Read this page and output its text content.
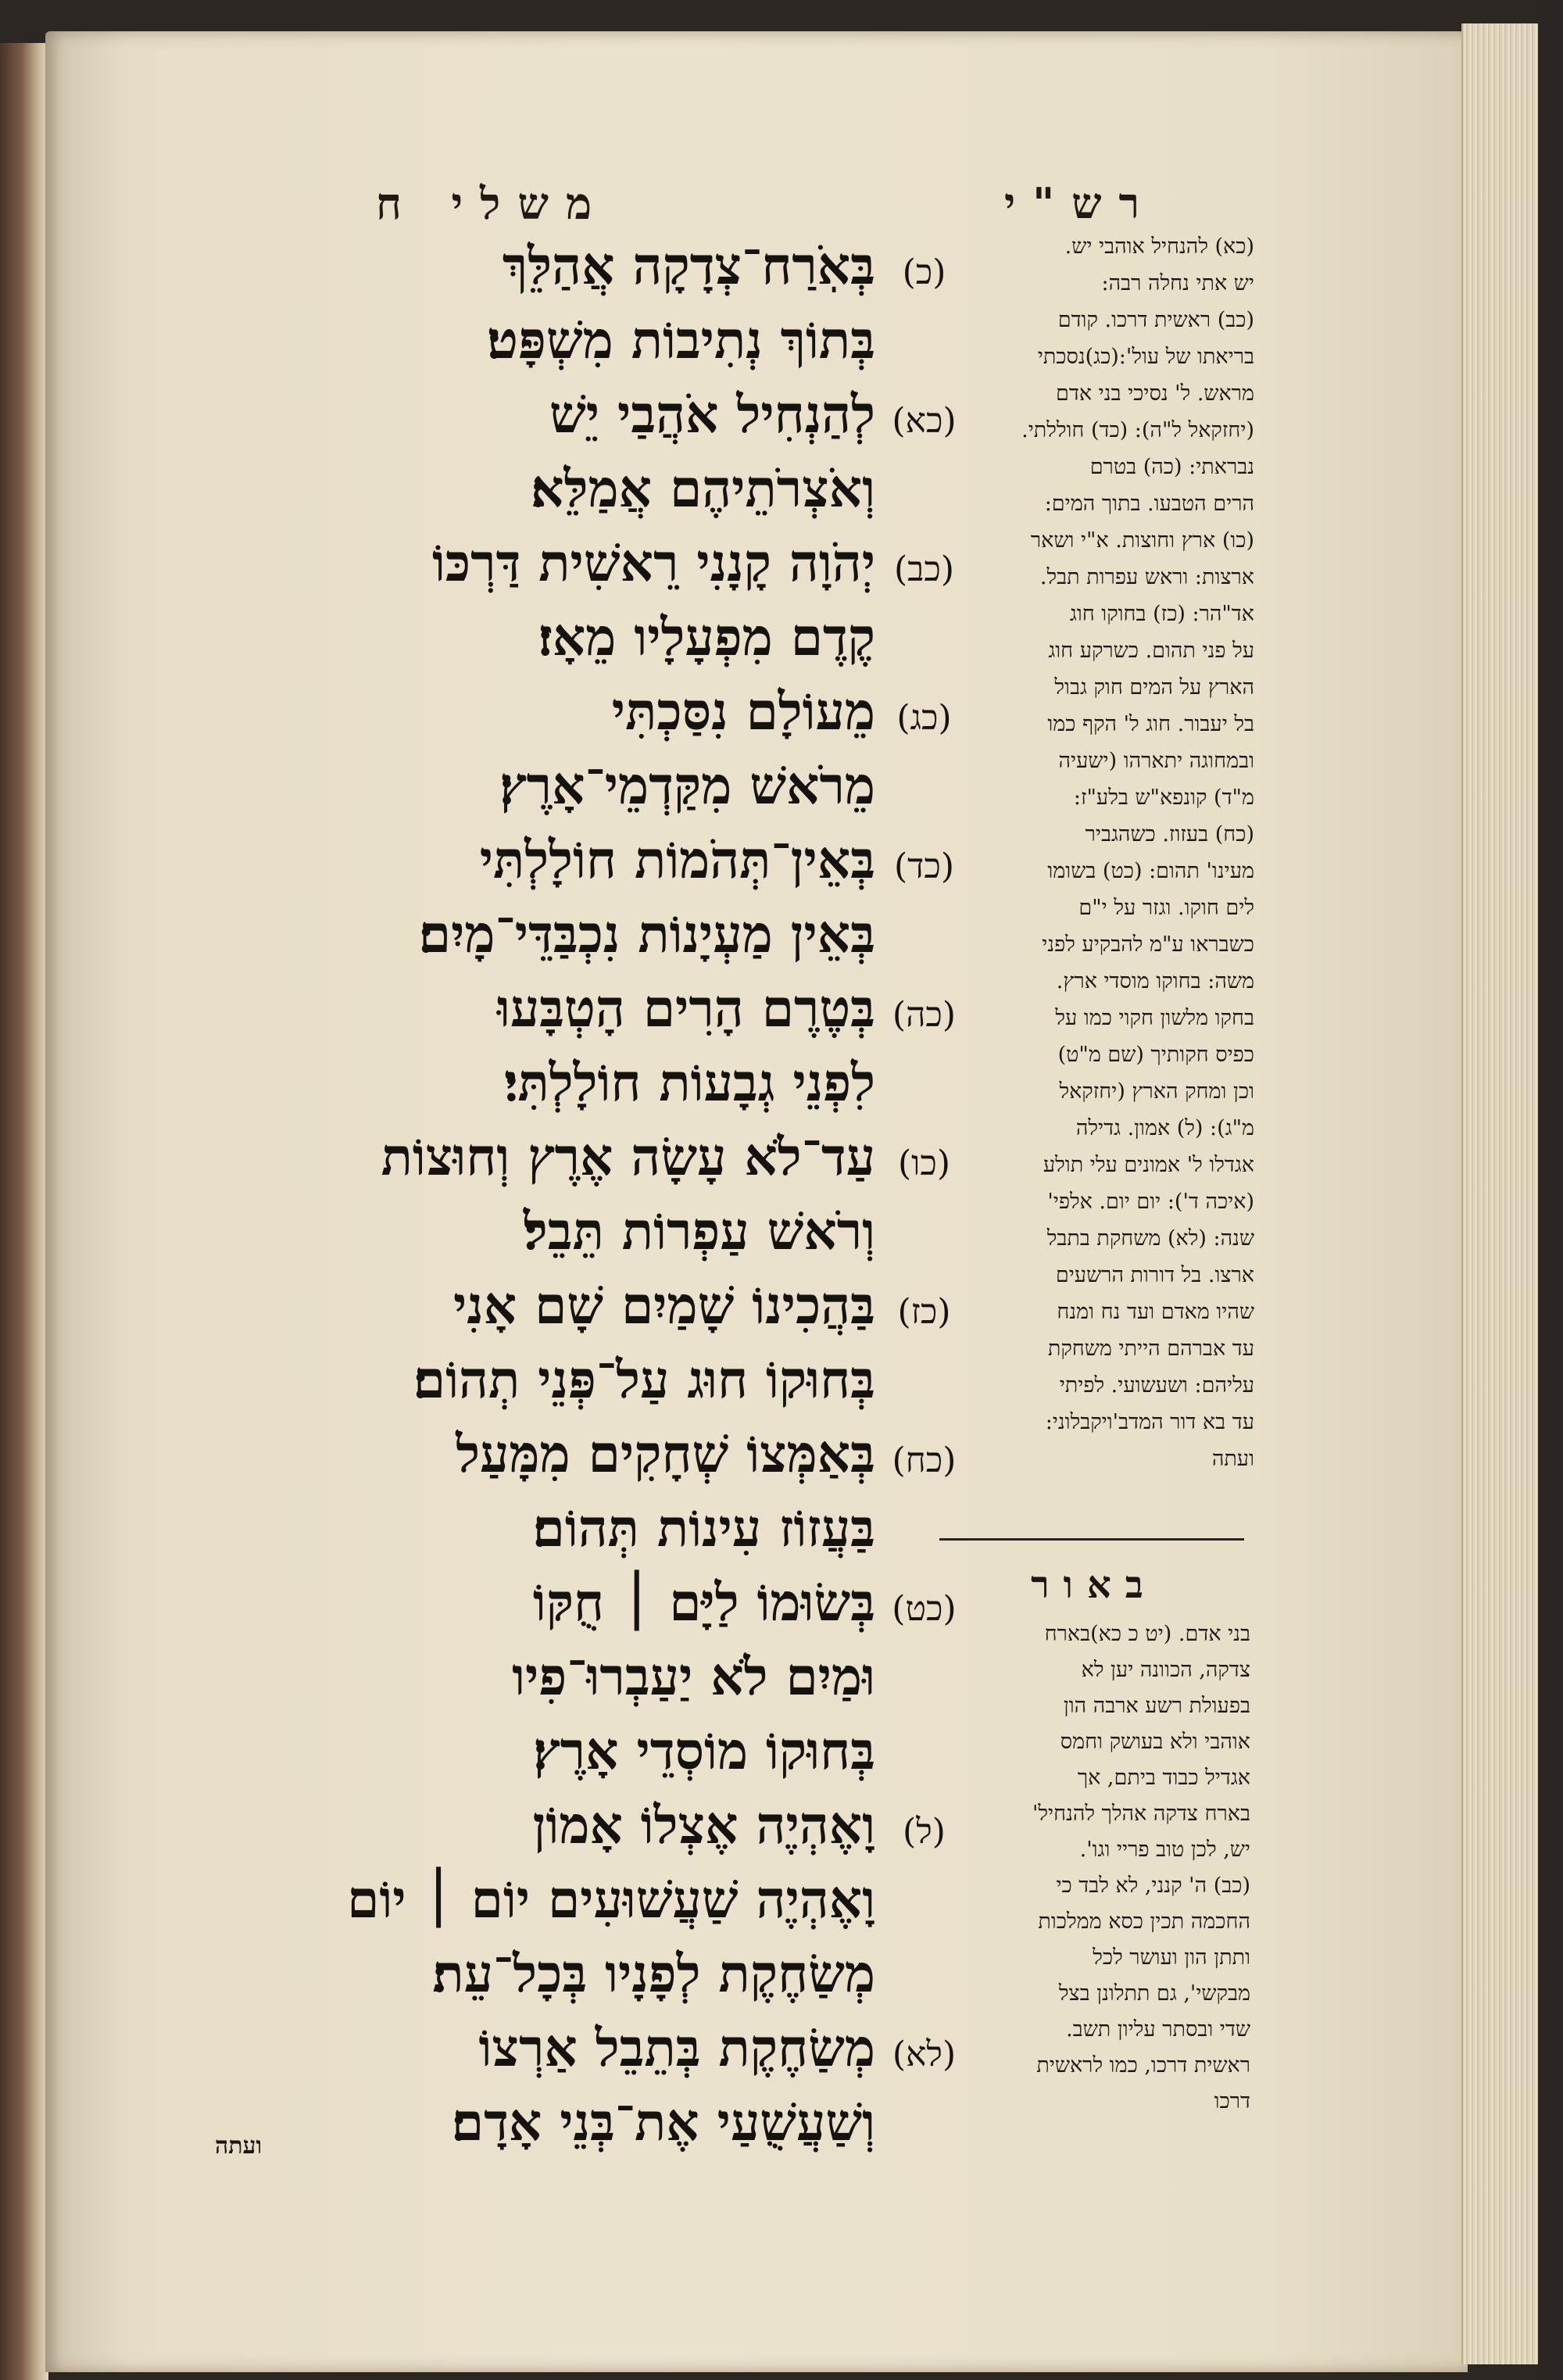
משלי ח	רש"י
(כ)בְּאֹֽרַח־צְדָקָה אֲהַלֵּךְ
בְּתוֹךְ נְתִיבוֹת מִשְׁפָּט׃
(כא)לְהַנְחִיל אֹהֲבַי יֵשׁ
וְאֹצְרֹתֵיהֶם אֲמַלֵּא׃
(כב)יְהֹוָה קָנָנִי רֵאשִׁית דַּרְכּוֹ
קֶדֶם מִפְעָלָיו מֵאָז׃
(כג)מֵעוֹלָם נִסַּכְתִּי
מֵרֹאשׁ מִקַּדְמֵי־אָרֶץ׃
(כד)בְּאֵין־תְּהֹמוֹת חוֹלָלְתִּי
בְּאֵין מַעְיָנוֹת נִכְבַּדֵּי־מָיִם׃
(כה)בְּטֶרֶם הָרִים הָטְבָּעוּ
לִפְנֵי גְבָעוֹת חוֹלָלְתִּי׃
(כו)עַד־לֹא עָשָׂה אֶרֶץ וְחוּצוֹת
וְרֹאשׁ עַפְרוֹת תֵּבֵל׃
(כז)בַּהֲכִינוֹ שָׁמַיִם שָׁם אָנִי
בְּחוּקוֹ חוּג עַל־פְּנֵי תְהוֹם׃
(כח)בְּאַמְּצוֹ שְׁחָקִים מִמָּעַל
בַּעֲזוֹז עִינוֹת תְּהוֹם׃
(כט)בְּשׂוּמוֹ לַיָּם ׀ חֻקּוֹ
וּמַיִם לֹא יַעַבְרוּ־פִיו
בְּחוּקוֹ מוֹסְדֵי אָרֶץ׃
(ל)וָאֶהְיֶה אֶצְלוֹ אָמוֹן
וָאֶהְיֶה שַׁעֲשׁוּעִים יוֹם ׀ יוֹם
מְשַׂחֶקֶת לְפָנָיו בְּכָל־עֵת׃
(לא)מְשַׂחֶקֶת בְּתֵבֵל אַרְצוֹ
וְשַׁעֲשֻׁעַי אֶת־בְּנֵי אָדָם׃
(כא) להנחיל אוהבי יש.
יש אתי נחלה רבה:
(כב) ראשית דרכו. קודם
בריאתו של עול':(כג)נסכתי
מראש. ל' נסיכי בני אדם
(יחזקאל ל"ה): (כד) חוללתי.
נבראתי: (כה) בטרם
הרים הטבעו. בתוך המים:
(כו) ארץ וחוצות. א"י ושאר
ארצות: וראש עפרות תבל.
אד"הר: (כז) בחוקו חוג
על פני תהום. כשרקע חוג
הארץ על המים חוק גבול
בל יעבור. חוג ל' הקף כמו
ובמחוגה יתארהו (ישעיה
מ"ד) קונפא"ש בלע"ז:
(כח) בעזוז. כשהגביר
מעינו' תהום: (כט) בשומו
לים חוקו. וגזר על י"ם
כשבראו ע"מ להבקיע לפני
משה: בחוקו מוסדי ארץ.
בחקו מלשון חקוי כמו על
כפיס חקותיך (שם מ"ט)
וכן ומחק הארץ (יחזקאל
מ"ג): (ל) אמון. גדילה
אגדלו ל' אמונים עלי תולע
(איכה ד'): יום יום. אלפי'
שנה: (לא) משחקת בתבל
ארצו. בל דורות הרשעים
שהיו מאדם ועד נח ומנח
עד אברהם הייתי משחקת
עליהם: ושעשועי. לפיתי
עד בא דור המדב'ויקבלוני:
ועתה
באור
בני אדם. (יט כ כא)בארח
צדקה, הכוונה יען לא
בפעולת רשע ארבה הון
אוהבי ולא בעושק וחמס
אגדיל כבוד ביתם, אך
בארח צדקה אהלך להנחיל'
יש, לכן טוב פריי וגו'.
(כב) ה' קנני, לא לבד כי
החכמה תכין כסא ממלכות
ותתן הון ועושר לכל
מבקשי', גם תתלונן בצל
שדי ובסתר עליון תשב.
ראשית דרכו, כמו לראשית
דרכו
ועתה
